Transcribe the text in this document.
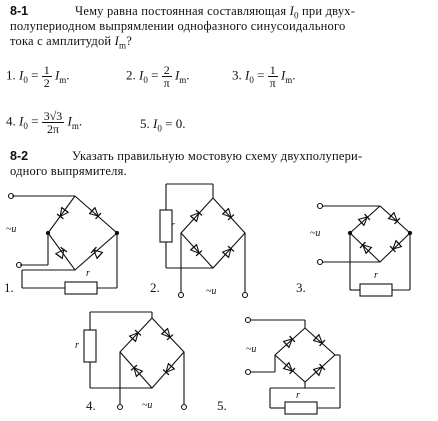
8-1	Чему равна постоянная составляющая $I_0$ при двух-
полупериодном выпрямлении однофазного синусоидального
тока с амплитудой $I_m$?
1. $I_0 = \frac{1}{2} I_m$.	2. $I_0 = \frac{2}{\pi} I_m$.	3. $I_0 = \frac{1}{\pi} I_m$.
4. $I_0 = \frac{3√3}{2\pi} I_m$.	5. $I_0 = 0$.
8-2	Указать правильную мостовую схему двухполупери-
одного выпрямителя.
~u
r
1.
r
~u
2.
~u
r
3.
r
~u
4.
~u
r
5.
